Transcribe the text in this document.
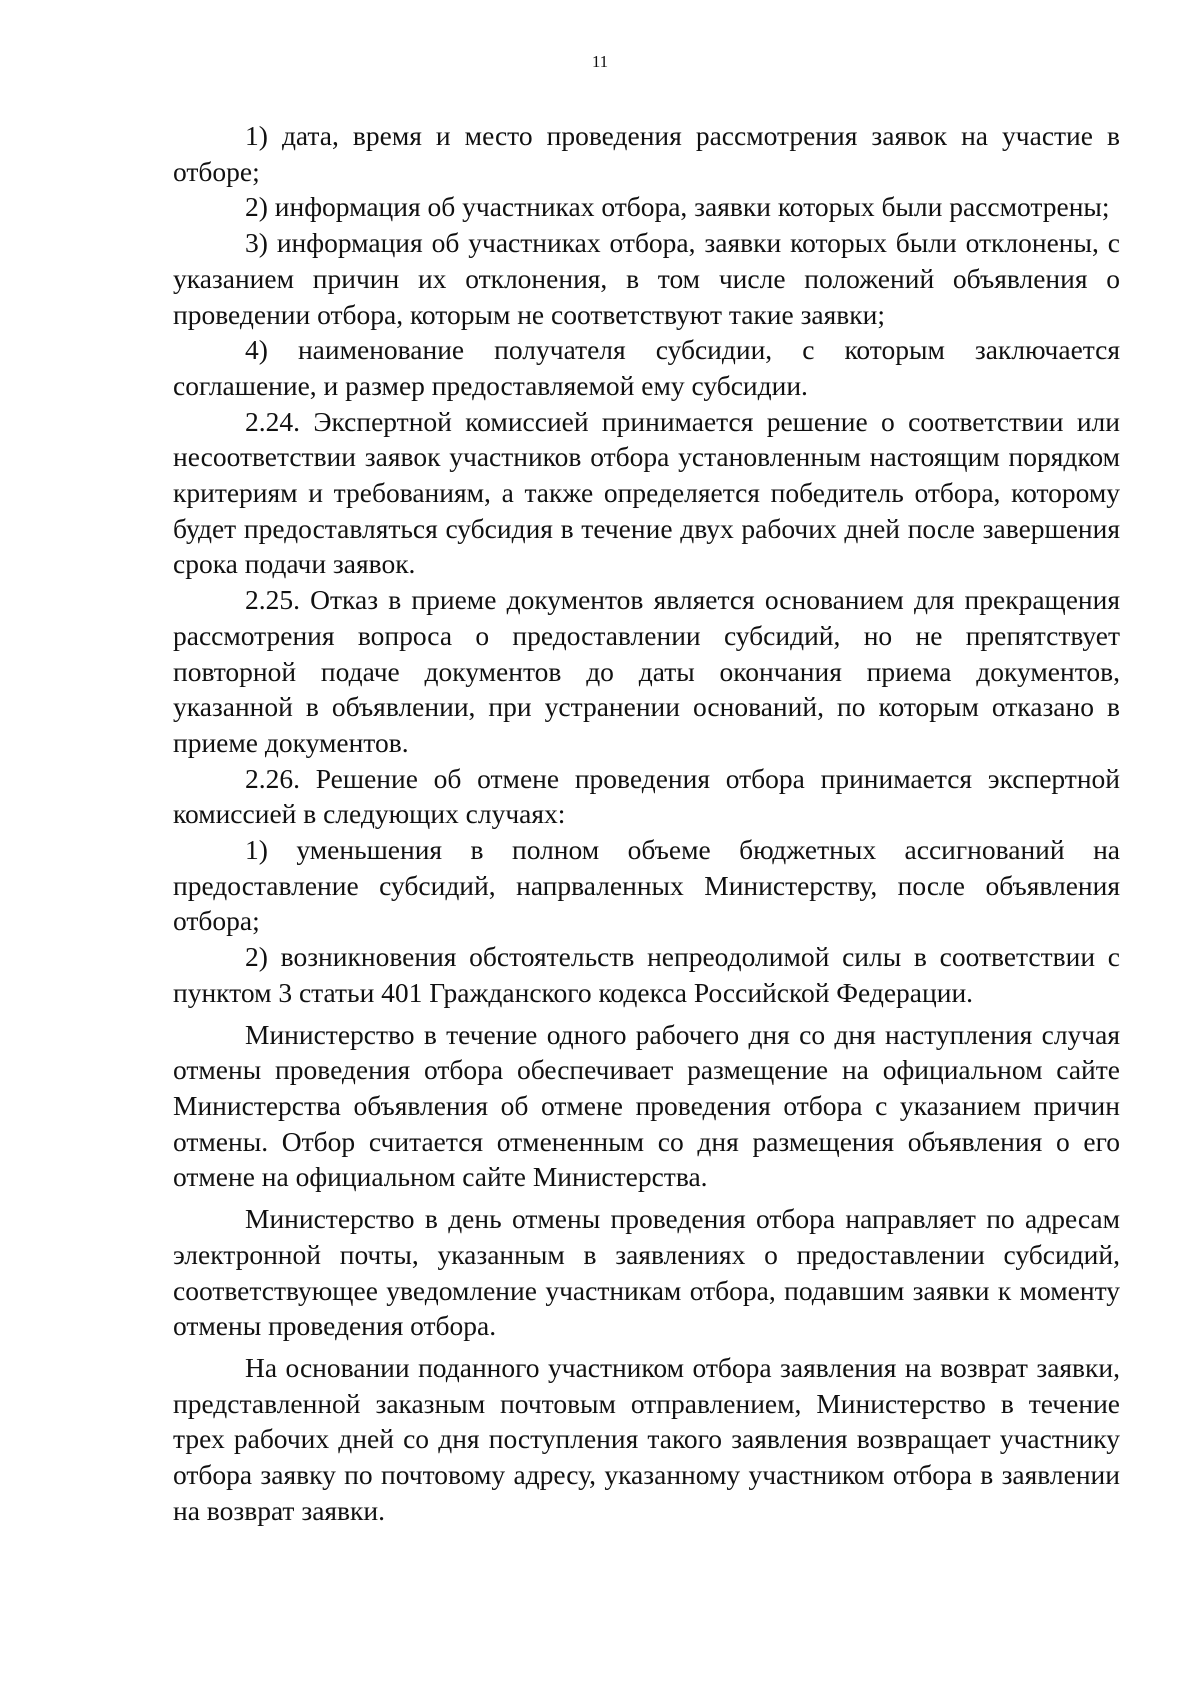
11

1) дата, время и место проведения рассмотрения заявок на участие в отборе;

2) информация об участниках отбора, заявки которых были рассмотрены;

3) информация об участниках отбора, заявки которых были отклонены, с указанием причин их отклонения, в том числе положений объявления о проведении отбора, которым не соответствуют такие заявки;

4) наименование получателя субсидии, с которым заключается соглашение, и размер предоставляемой ему субсидии.

2.24. Экспертной комиссией принимается решение о соответствии или несоответствии заявок участников отбора установленным настоящим порядком критериям и требованиям, а также определяется победитель отбора, которому будет предоставляться субсидия в течение двух рабочих дней после завершения срока подачи заявок.

2.25. Отказ в приеме документов является основанием для прекращения рассмотрения вопроса о предоставлении субсидий, но не препятствует повторной подаче документов до даты окончания приема документов, указанной в объявлении, при устранении оснований, по которым отказано в приеме документов.

2.26. Решение об отмене проведения отбора принимается экспертной комиссией в следующих случаях:

1) уменьшения в полном объеме бюджетных ассигнований на предоставление субсидий, напрваленных Министерству, после объявления отбора;

2) возникновения обстоятельств непреодолимой силы в соответствии с пунктом 3 статьи 401 Гражданского кодекса Российской Федерации.

Министерство в течение одного рабочего дня со дня наступления случая отмены проведения отбора обеспечивает размещение на официальном сайте Министерства объявления об отмене проведения отбора с указанием причин отмены. Отбор считается отмененным со дня размещения объявления о его отмене на официальном сайте Министерства.

Министерство в день отмены проведения отбора направляет по адресам электронной почты, указанным в заявлениях о предоставлении субсидий, соответствующее уведомление участникам отбора, подавшим заявки к моменту отмены проведения отбора.

На основании поданного участником отбора заявления на возврат заявки, представленной заказным почтовым отправлением, Министерство в течение трех рабочих дней со дня поступления такого заявления возвращает участнику отбора заявку по почтовому адресу, указанному участником отбора в заявлении на возврат заявки.
